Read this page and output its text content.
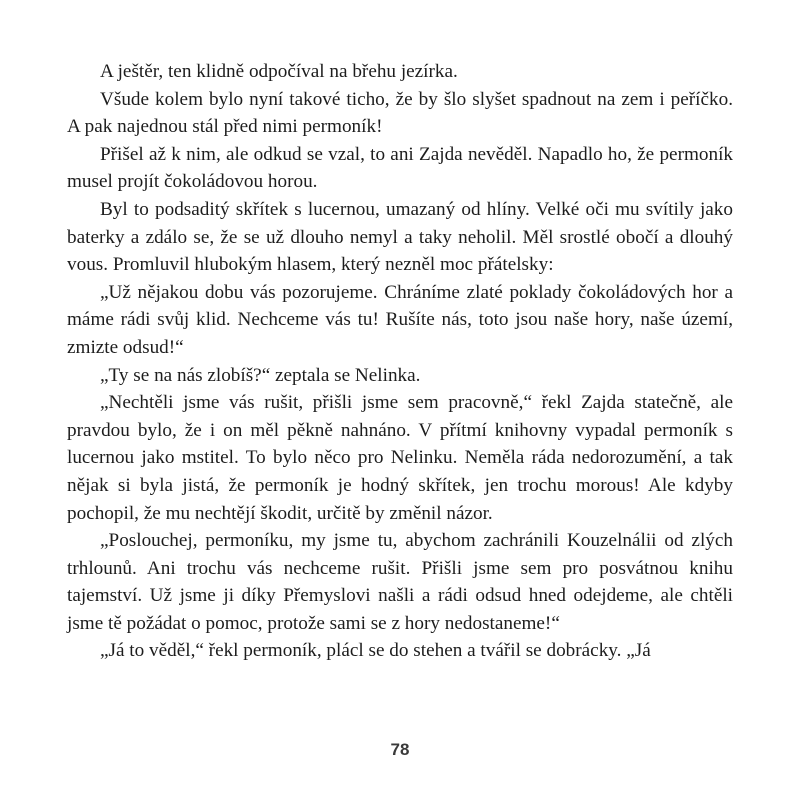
A ještěr, ten klidně odpočíval na břehu jezírka.

Všude kolem bylo nyní takové ticho, že by šlo slyšet spadnout na zem i peříčko. A pak najednou stál před nimi permoník!

Přišel až k nim, ale odkud se vzal, to ani Zajda nevěděl. Napadlo ho, že permoník musel projít čokoládovou horou.

Byl to podsaditý skřítek s lucernou, umazaný od hlíny. Velké oči mu svítily jako baterky a zdálo se, že se už dlouho nemyl a taky neholil. Měl srostlé obočí a dlouhý vous. Promluvil hlubokým hlasem, který nezněl moc přátelsky:

„Už nějakou dobu vás pozorujeme. Chráníme zlaté poklady čokoládových hor a máme rádi svůj klid. Nechceme vás tu! Rušíte nás, toto jsou naše hory, naše území, zmizte odsud!“

„Ty se na nás zlobíš?“ zeptala se Nelinka.

„Nechtěli jsme vás rušit, přišli jsme sem pracovně,“ řekl Zajda statečně, ale pravdou bylo, že i on měl pěkně nahnáno. V přítmí knihovny vypadal permoník s lucernou jako mstitel. To bylo něco pro Nelinku. Neměla ráda nedorozumění, a tak nějak si byla jistá, že permoník je hodný skřítek, jen trochu morous! Ale kdyby pochopil, že mu nechtějí škodit, určitě by změnil názor.

„Poslouchej, permoníku, my jsme tu, abychom zachránili Kouzelnálii od zlých trhlounů. Ani trochu vás nechceme rušit. Přišli jsme sem pro posvátnou knihu tajemství. Už jsme ji díky Přemyslovi našli a rádi odsud hned odejdeme, ale chtěli jsme tě požádat o pomoc, protože sami se z hory nedostaneme!“

„Já to věděl,“ řekl permoník, plácl se do stehen a tvářil se dobrácky. „Já

78
